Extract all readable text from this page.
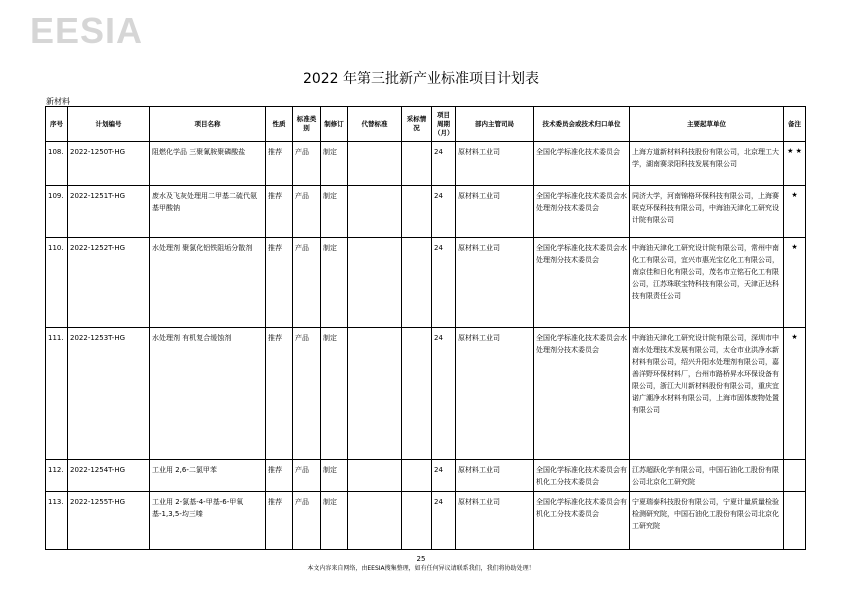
EESIA
2022 年第三批新产业标准项目计划表
新材料
序号	计划编号	项目名称	性质	标准类别	制修订	代替标准	采标情况	项目周期（月）	部内主管司局	技术委员会或技术归口单位	主要起草单位	备注
108.	2022-1250T-HG	阻燃化学品 三聚氰胺聚磷酸盐	推荐	产品	制定			24	原材料工业司	全国化学标准化技术委员会	上海方道新材料科技股份有限公司，北京理工大学，湖南赛录阳科技发展有限公司	★ ★
109.	2022-1251T-HG	废水及飞灰处理用二甲基二硫代氨基甲酸钠	推荐	产品	制定			24	原材料工业司	全国化学标准化技术委员会水处理剂分技术委员会	同济大学，河南锦格环保科技有限公司，上海赛联克环保科技有限公司，中海油天津化工研究设计院有限公司	★
110.	2022-1252T-HG	水处理剂 聚氯化铝铁阻垢分散剂	推荐	产品	制定			24	原材料工业司	全国化学标准化技术委员会水处理剂分技术委员会	中海油天津化工研究设计院有限公司，常州中南化工有限公司，宜兴市惠光宝亿化工有限公司，南京佳和日化有限公司，茂名市立铭石化工有限公司，江苏珠联宝特科技有限公司，天津正达科技有限责任公司	★
111.	2022-1253T-HG	水处理剂 有机复合缓蚀剂	推荐	产品	制定			24	原材料工业司	全国化学标准化技术委员会水处理剂分技术委员会	中海油天津化工研究设计院有限公司，深圳市中南水处理技术发展有限公司，太仓市业洪净水新材料有限公司，绍兴升阳水处理剂有限公司，嘉善洋野环保材料厂，台州市路桥昇水环保设备有限公司，浙江大川新材料股份有限公司，重庆宜诺广潮净水材料有限公司，上海市固体废物处置有限公司	★
112.	2022-1254T-HG	工业用 2,6-二氯甲苯	推荐	产品	制定			24	原材料工业司	全国化学标准化技术委员会有机化工分技术委员会	江苏超跃化学有限公司，中国石油化工股份有限公司北京化工研究院	
113.	2022-1255T-HG	工业用 2-氯基-4-甲基-6-甲氧基-1,3,5-均三嗪	推荐	产品	制定			24	原材料工业司	全国化学标准化技术委员会有机化工分技术委员会	宁夏瑞泰科技股份有限公司，宁夏计量质量检验检测研究院，中国石油化工股份有限公司北京化工研究院	
25
本文内容来自网络，由EESIA搜集整理，如有任何异议请联系我们，我们将协助处理！
